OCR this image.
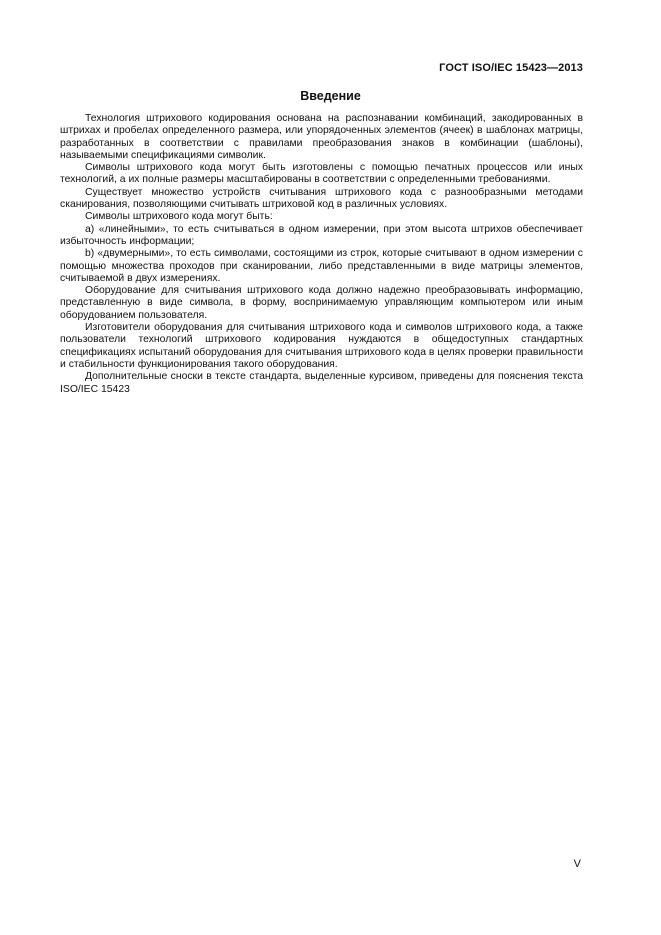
ГОСТ ISO/IEC 15423—2013
Введение

Технология штрихового кодирования основана на распознавании комбинаций, закодированных в штрихах и пробелах определенного размера, или упорядоченных элементов (ячеек) в шаблонах матрицы, разработанных в соответствии с правилами преобразования знаков в комбинации (шаблоны), называемыми спецификациями символик.

Символы штрихового кода могут быть изготовлены с помощью печатных процессов или иных технологий, а их полные размеры масштабированы в соответствии с определенными требованиями.

Существует множество устройств считывания штрихового кода с разнообразными методами сканирования, позволяющими считывать штриховой код в различных условиях.

Символы штрихового кода могут быть:

а) «линейными», то есть считываться в одном измерении, при этом высота штрихов обеспечивает избыточность информации;

b) «двумерными», то есть символами, состоящими из строк, которые считывают в одном измерении с помощью множества проходов при сканировании, либо представленными в виде матрицы элементов, считываемой в двух измерениях.

Оборудование для считывания штрихового кода должно надежно преобразовывать информацию, представленную в виде символа, в форму, воспринимаемую управляющим компьютером или иным оборудованием пользователя.

Изготовители оборудования для считывания штрихового кода и символов штрихового кода, а также пользователи технологий штрихового кодирования нуждаются в общедоступных стандартных спецификациях испытаний оборудования для считывания штрихового кода в целях проверки правильности и стабильности функционирования такого оборудования.

Дополнительные сноски в тексте стандарта, выделенные курсивом, приведены для пояснения текста ISO/IEC 15423

V
